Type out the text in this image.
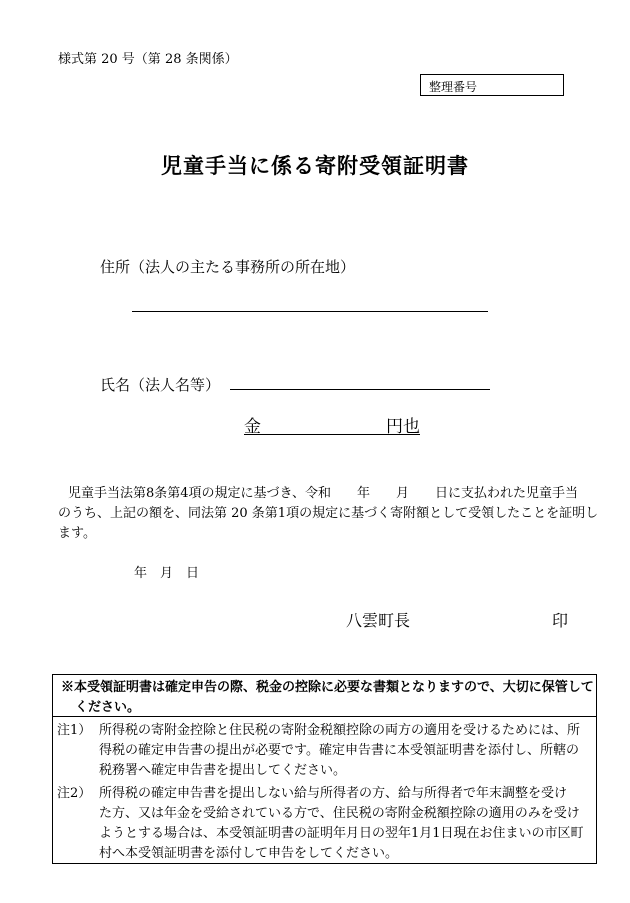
様式第 20 号（第 28 条関係）
整理番号
児童手当に係る寄附受領証明書
住所（法人の主たる事務所の所在地）
氏名（法人名等）
金	円也
児童手当法第8条第4項の規定に基づき、令和　　年　　月　　日に支払われた児童手当
のうち、上記の額を、同法第 20 条第1項の規定に基づく寄附額として受領したことを証明し
ます。
年　月　日
八雲町長	印
※本受領証明書は確定申告の際、税金の控除に必要な書類となりますので、大切に保管して
ください。
注1） 所得税の寄附金控除と住民税の寄附金税額控除の両方の適用を受けるためには、所
得税の確定申告書の提出が必要です。確定申告書に本受領証明書を添付し、所轄の
税務署へ確定申告書を提出してください。
注2） 所得税の確定申告書を提出しない給与所得者の方、給与所得者で年末調整を受け
た方、又は年金を受給されている方で、住民税の寄附金税額控除の適用のみを受け
ようとする場合は、本受領証明書の証明年月日の翌年1月1日現在お住まいの市区町
村へ本受領証明書を添付して申告をしてください。
